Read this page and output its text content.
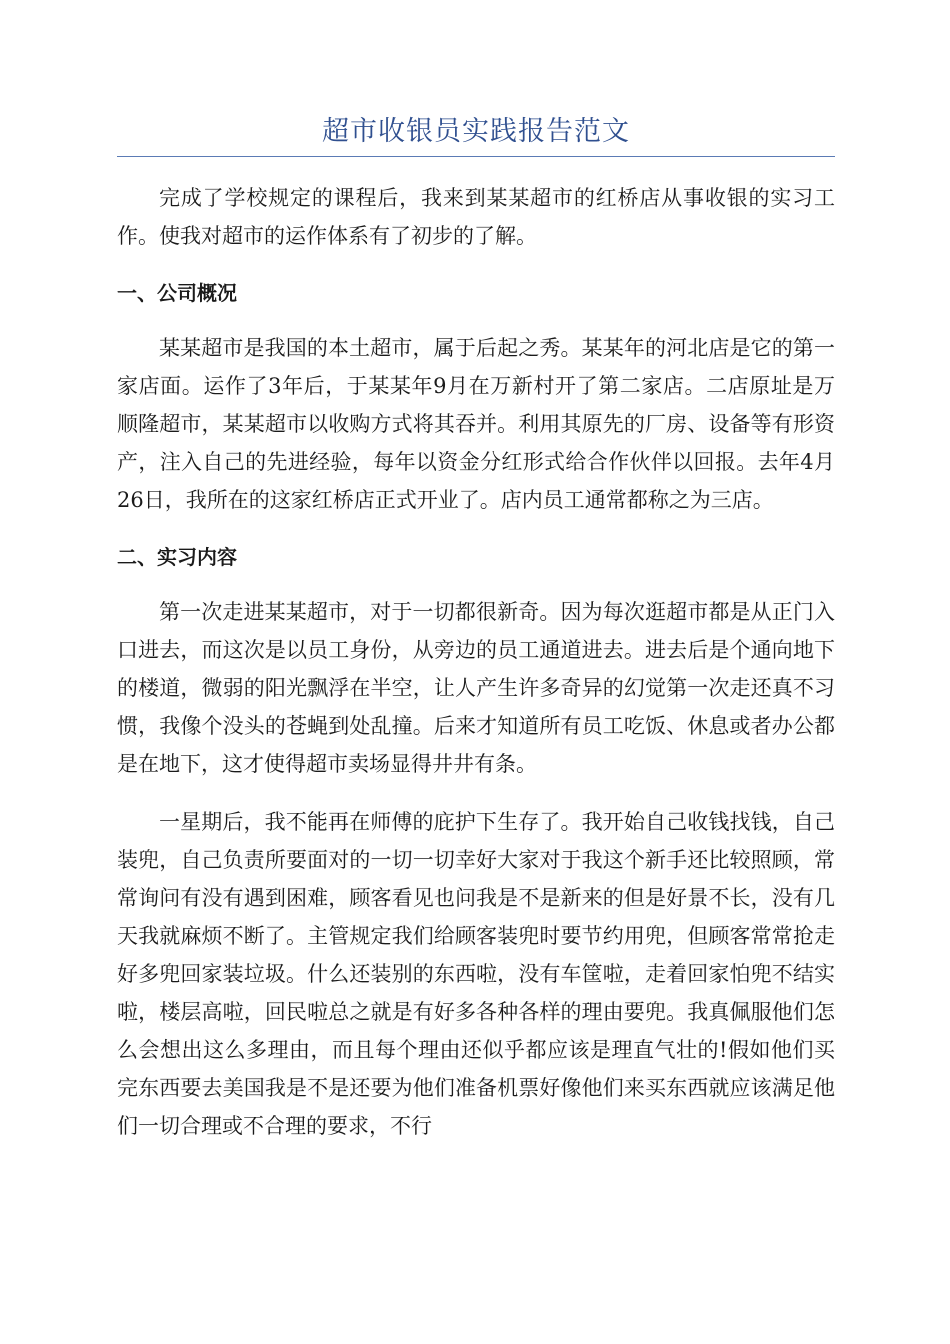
超市收银员实践报告范文

完成了学校规定的课程后，我来到某某超市的红桥店从事收银的实习工作。使我对超市的运作体系有了初步的了解。

一、公司概况

某某超市是我国的本土超市，属于后起之秀。某某年的河北店是它的第一家店面。运作了3年后，于某某年9月在万新村开了第二家店。二店原址是万顺隆超市，某某超市以收购方式将其吞并。利用其原先的厂房、设备等有形资产，注入自己的先进经验，每年以资金分红形式给合作伙伴以回报。去年4月26日，我所在的这家红桥店正式开业了。店内员工通常都称之为三店。

二、实习内容

第一次走进某某超市，对于一切都很新奇。因为每次逛超市都是从正门入口进去，而这次是以员工身份，从旁边的员工通道进去。进去后是个通向地下的楼道，微弱的阳光飘浮在半空，让人产生许多奇异的幻觉第一次走还真不习惯，我像个没头的苍蝇到处乱撞。后来才知道所有员工吃饭、休息或者办公都是在地下，这才使得超市卖场显得井井有条。

一星期后，我不能再在师傅的庇护下生存了。我开始自己收钱找钱，自己装兜，自己负责所要面对的一切一切幸好大家对于我这个新手还比较照顾，常常询问有没有遇到困难，顾客看见也问我是不是新来的但是好景不长，没有几天我就麻烦不断了。主管规定我们给顾客装兜时要节约用兜，但顾客常常抢走好多兜回家装垃圾。什么还装别的东西啦，没有车筐啦，走着回家怕兜不结实啦，楼层高啦，回民啦总之就是有好多各种各样的理由要兜。我真佩服他们怎么会想出这么多理由，而且每个理由还似乎都应该是理直气壮的!假如他们买完东西要去美国我是不是还要为他们准备机票好像他们来买东西就应该满足他们一切合理或不合理的要求，不行
